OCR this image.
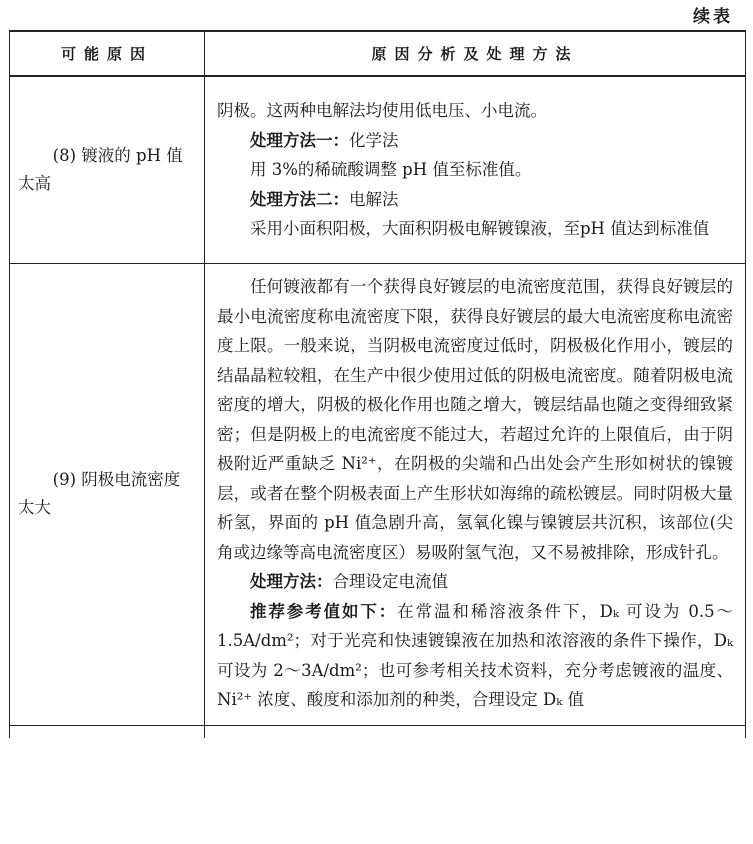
续表
可能原因	原因分析及处理方法
(8) 镀液的 pH 值太高	阴极。这两种电解法均使用低电压、小电流。
处理方法一：化学法
用 3%的稀硫酸调整 pH 值至标准值。
处理方法二：电解法
采用小面积阳极，大面积阴极电解镀镍液，至pH 值达到标准值

(9) 阴极电流密度太大	任何镀液都有一个获得良好镀层的电流密度范围，获得良好镀层的最小电流密度称电流密度下限，获得良好镀层的最大电流密度称电流密度上限。一般来说，当阴极电流密度过低时，阴极极化作用小，镀层的结晶晶粒较粗，在生产中很少使用过低的阴极电流密度。随着阴极电流密度的增大，阴极的极化作用也随之增大，镀层结晶也随之变得细致紧密；但是阴极上的电流密度不能过大，若超过允许的上限值后，由于阴极附近严重缺乏 Ni²⁺，在阴极的尖端和凸出处会产生形如树状的镍镀层，或者在整个阴极表面上产生形状如海绵的疏松镀层。同时阴极大量析氢，界面的 pH 值急剧升高，氢氧化镍与镍镀层共沉积，该部位(尖角或边缘等高电流密度区）易吸附氢气泡，又不易被排除，形成针孔。
处理方法：合理设定电流值
推荐参考值如下：在常温和稀溶液条件下，Dₖ 可设为 0.5～1.5A/dm²；对于光亮和快速镀镍液在加热和浓溶液的条件下操作，Dₖ 可设为 2～3A/dm²；也可参考相关技术资料，充分考虑镀液的温度、Ni²⁺ 浓度、酸度和添加剂的种类，合理设定 Dₖ 值
